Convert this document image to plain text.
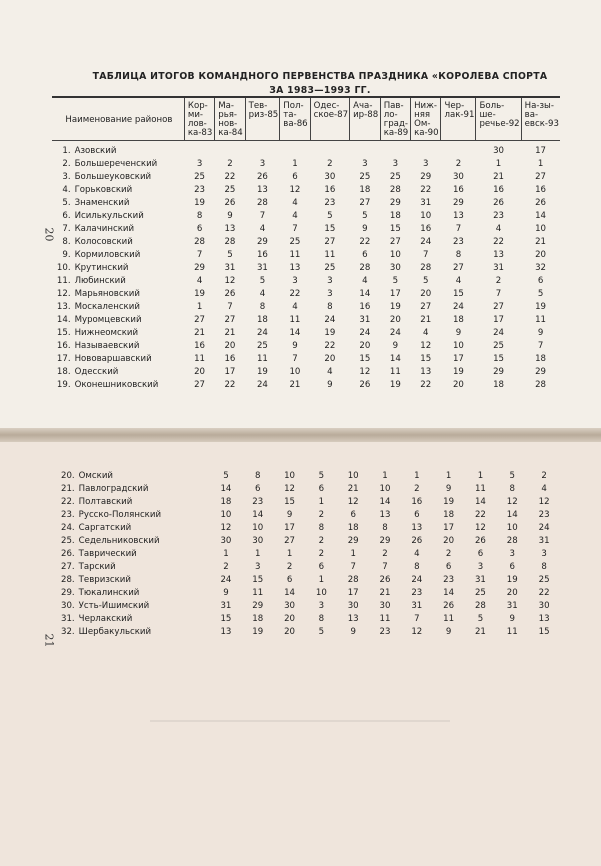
20
ТАБЛИЦА ИТОГОВ КОМАНДНОГО ПЕРВЕНСТВА ПРАЗДНИКА «КОРОЛЕВА СПОРТА
ЗА 1983—1993 ГГ.
Наименование районов		Кор-ми-лов-ка-83	Ма-рья-нов-ка-84	Тев-риз-85	Пол-та-ва-86	Одес-ское-87	Ача-ир-88	Пав-ло-град-ка-89	Ниж-няя Ом-ка-90	Чер-лак-91	Боль-ше-речье-92	На-зы-ва-евск-93
1.	Азовский										30	17
2.	Большереченский	3	2	3	1	2	3	3	3	2	1	1
3.	Большеуковский	25	22	26	6	30	25	25	29	30	21	27
4.	Горьковский	23	25	13	12	16	18	28	22	16	16	16
5.	Знаменский	19	26	28	4	23	27	29	31	29	26	26
6.	Исилькульский	8	9	7	4	5	5	18	10	13	23	14
7.	Калачинский	6	13	4	7	15	9	15	16	7	4	10
8.	Колосовский	28	28	29	25	27	22	27	24	23	22	21
9.	Кормиловский	7	5	16	11	11	6	10	7	8	13	20
10.	Крутинский	29	31	31	13	25	28	30	28	27	31	32
11.	Любинский	4	12	5	3	3	4	5	5	4	2	6
12.	Марьяновский	19	26	4	22	3	14	17	20	15	7	5
13.	Москаленский	1	7	8	4	8	16	19	27	24	27	19
14.	Муромцевский	27	27	18	11	24	31	20	21	18	17	11
15.	Нижнеомский	21	21	24	14	19	24	24	4	9	24	9
16.	Называевский	16	20	25	9	22	20	9	12	10	25	7
17.	Нововаршавский	11	16	11	7	20	15	14	15	17	15	18
18.	Одесский	20	17	19	10	4	12	11	13	19	29	29
19.	Оконешниковский	27	22	24	21	9	26	19	22	20	18	28
21
20.	Омский	5	8	10	5	10	1	1	1	1	5	2
21.	Павлоградский	14	6	12	6	21	10	2	9	11	8	4
22.	Полтавский	18	23	15	1	12	14	16	19	14	12	12
23.	Русско-Полянский	10	14	9	2	6	13	6	18	22	14	23
24.	Саргатский	12	10	17	8	18	8	13	17	12	10	24
25.	Седельниковский	30	30	27	2	29	29	26	20	26	28	31
26.	Таврический	1	1	1	2	1	2	4	2	6	3	3
27.	Тарский	2	3	2	6	7	7	8	6	3	6	8
28.	Тевризский	24	15	6	1	28	26	24	23	31	19	25
29.	Тюкалинский	9	11	14	10	17	21	23	14	25	20	22
30.	Усть-Ишимский	31	29	30	3	30	30	31	26	28	31	30
31.	Черлакский	15	18	20	8	13	11	7	11	5	9	13
32.	Шербакульский	13	19	20	5	9	23	12	9	21	11	15
